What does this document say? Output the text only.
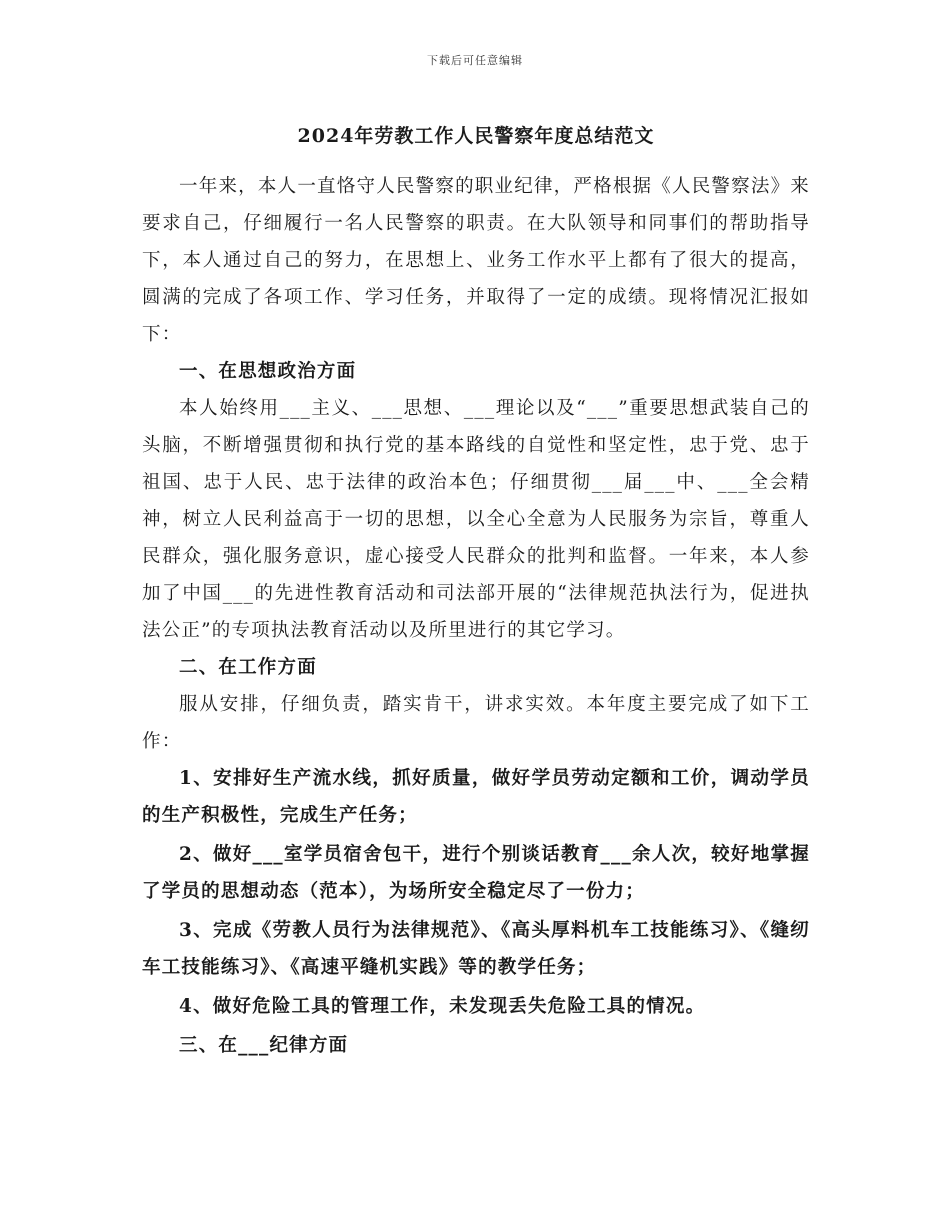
下载后可任意编辑
2024年劳教工作人民警察年度总结范文

一年来，本人一直恪守人民警察的职业纪律，严格根据《人民警察法》来要求自己，仔细履行一名人民警察的职责。在大队领导和同事们的帮助指导下，本人通过自己的努力，在思想上、业务工作水平上都有了很大的提高，圆满的完成了各项工作、学习任务，并取得了一定的成绩。现将情况汇报如下：

一、在思想政治方面

本人始终用___主义、___思想、___理论以及“___”重要思想武装自己的头脑，不断增强贯彻和执行党的基本路线的自觉性和坚定性，忠于党、忠于祖国、忠于人民、忠于法律的政治本色；仔细贯彻___届___中、___全会精神，树立人民利益高于一切的思想，以全心全意为人民服务为宗旨，尊重人民群众，强化服务意识，虚心接受人民群众的批判和监督。一年来，本人参加了中国___的先进性教育活动和司法部开展的“法律规范执法行为，促进执法公正”的专项执法教育活动以及所里进行的其它学习。

二、在工作方面

服从安排，仔细负责，踏实肯干，讲求实效。本年度主要完成了如下工作：

1、安排好生产流水线，抓好质量，做好学员劳动定额和工价，调动学员的生产积极性，完成生产任务；

2、做好___室学员宿舍包干，进行个别谈话教育___余人次，较好地掌握了学员的思想动态（范本），为场所安全稳定尽了一份力；

3、完成《劳教人员行为法律规范》、《高头厚料机车工技能练习》、《缝纫车工技能练习》、《高速平缝机实践》等的教学任务；

4、做好危险工具的管理工作，未发现丢失危险工具的情况。

三、在___纪律方面
